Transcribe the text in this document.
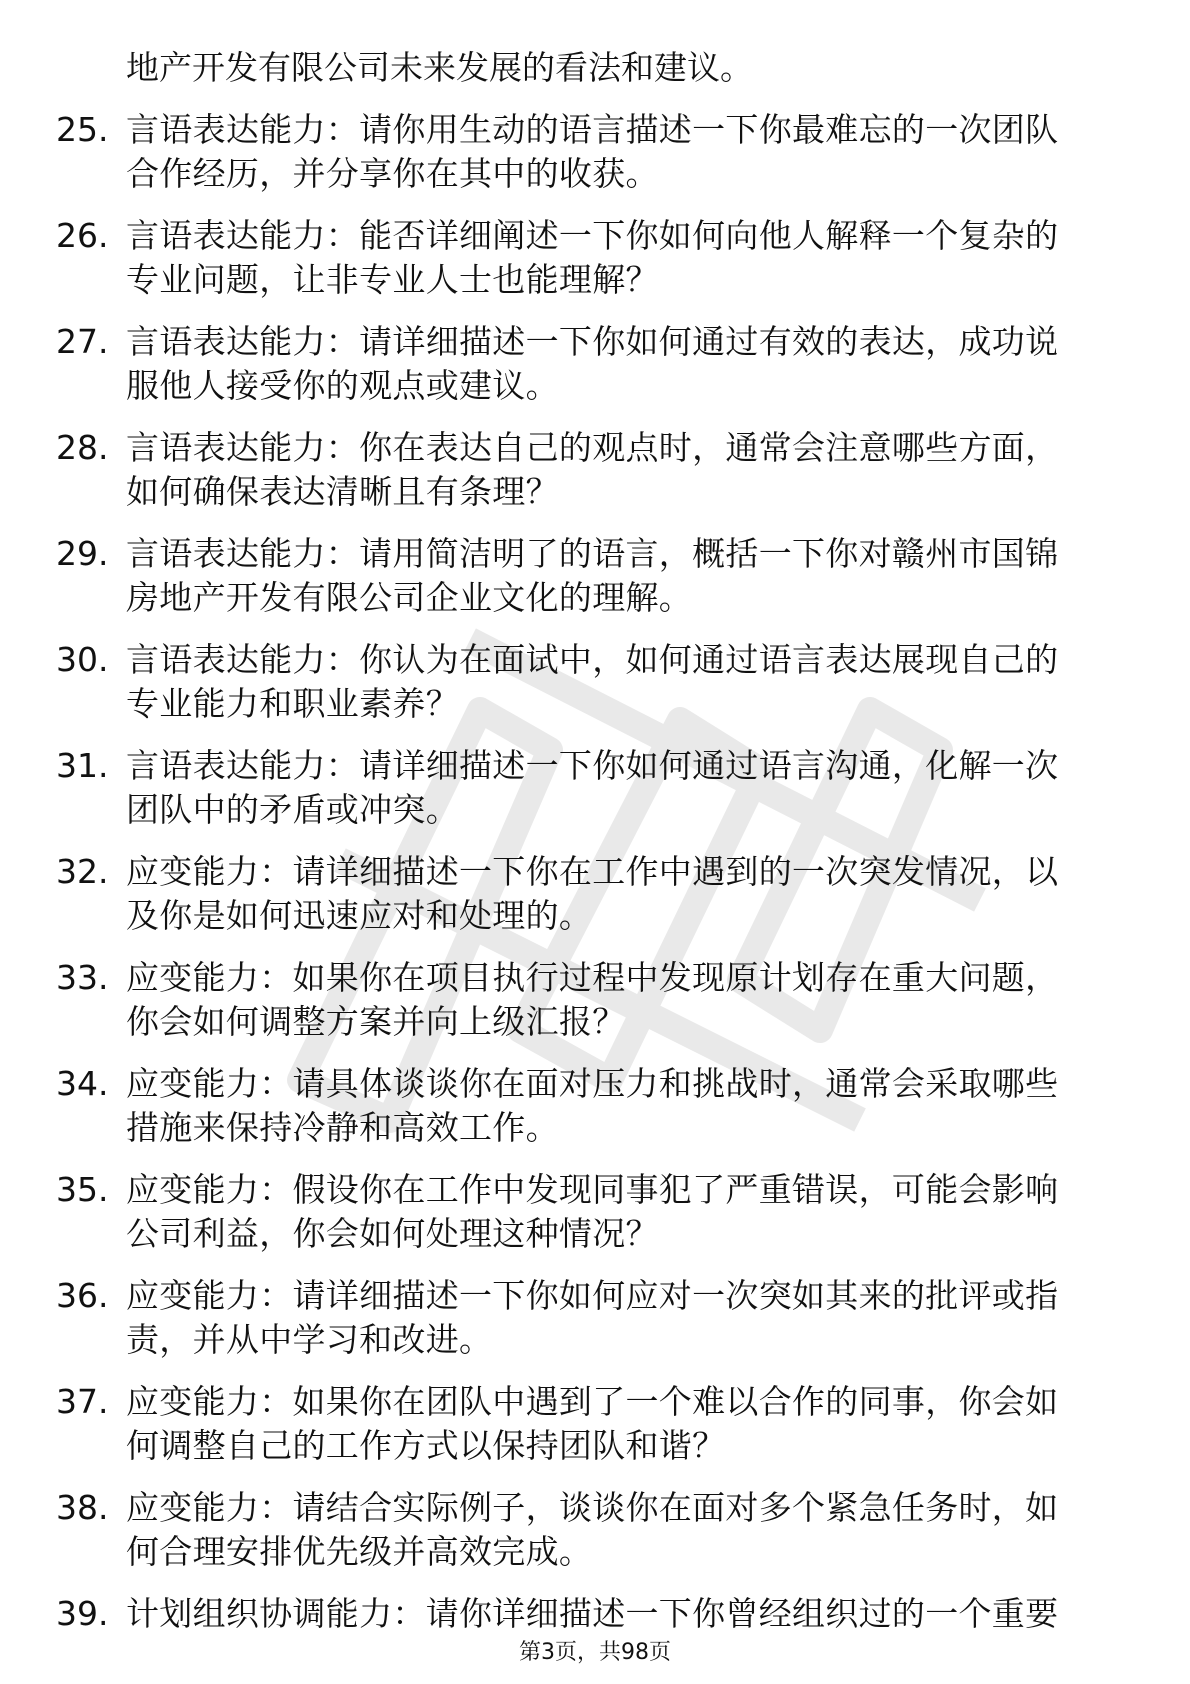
地产开发有限公司未来发展的看法和建议。
25. 言语表达能力：请你用生动的语言描述一下你最难忘的一次团队
合作经历，并分享你在其中的收获。
26. 言语表达能力：能否详细阐述一下你如何向他人解释一个复杂的
专业问题，让非专业人士也能理解？
27. 言语表达能力：请详细描述一下你如何通过有效的表达，成功说
服他人接受你的观点或建议。
28. 言语表达能力：你在表达自己的观点时，通常会注意哪些方面，
如何确保表达清晰且有条理？
29. 言语表达能力：请用简洁明了的语言，概括一下你对赣州市国锦
房地产开发有限公司企业文化的理解。
30. 言语表达能力：你认为在面试中，如何通过语言表达展现自己的
专业能力和职业素养？
31. 言语表达能力：请详细描述一下你如何通过语言沟通，化解一次
团队中的矛盾或冲突。
32. 应变能力：请详细描述一下你在工作中遇到的一次突发情况，以
及你是如何迅速应对和处理的。
33. 应变能力：如果你在项目执行过程中发现原计划存在重大问题，
你会如何调整方案并向上级汇报？
34. 应变能力：请具体谈谈你在面对压力和挑战时，通常会采取哪些
措施来保持冷静和高效工作。
35. 应变能力：假设你在工作中发现同事犯了严重错误，可能会影响
公司利益，你会如何处理这种情况？
36. 应变能力：请详细描述一下你如何应对一次突如其来的批评或指
责，并从中学习和改进。
37. 应变能力：如果你在团队中遇到了一个难以合作的同事，你会如
何调整自己的工作方式以保持团队和谐？
38. 应变能力：请结合实际例子，谈谈你在面对多个紧急任务时，如
何合理安排优先级并高效完成。
39. 计划组织协调能力：请你详细描述一下你曾经组织过的一个重要
第3页，共98页
